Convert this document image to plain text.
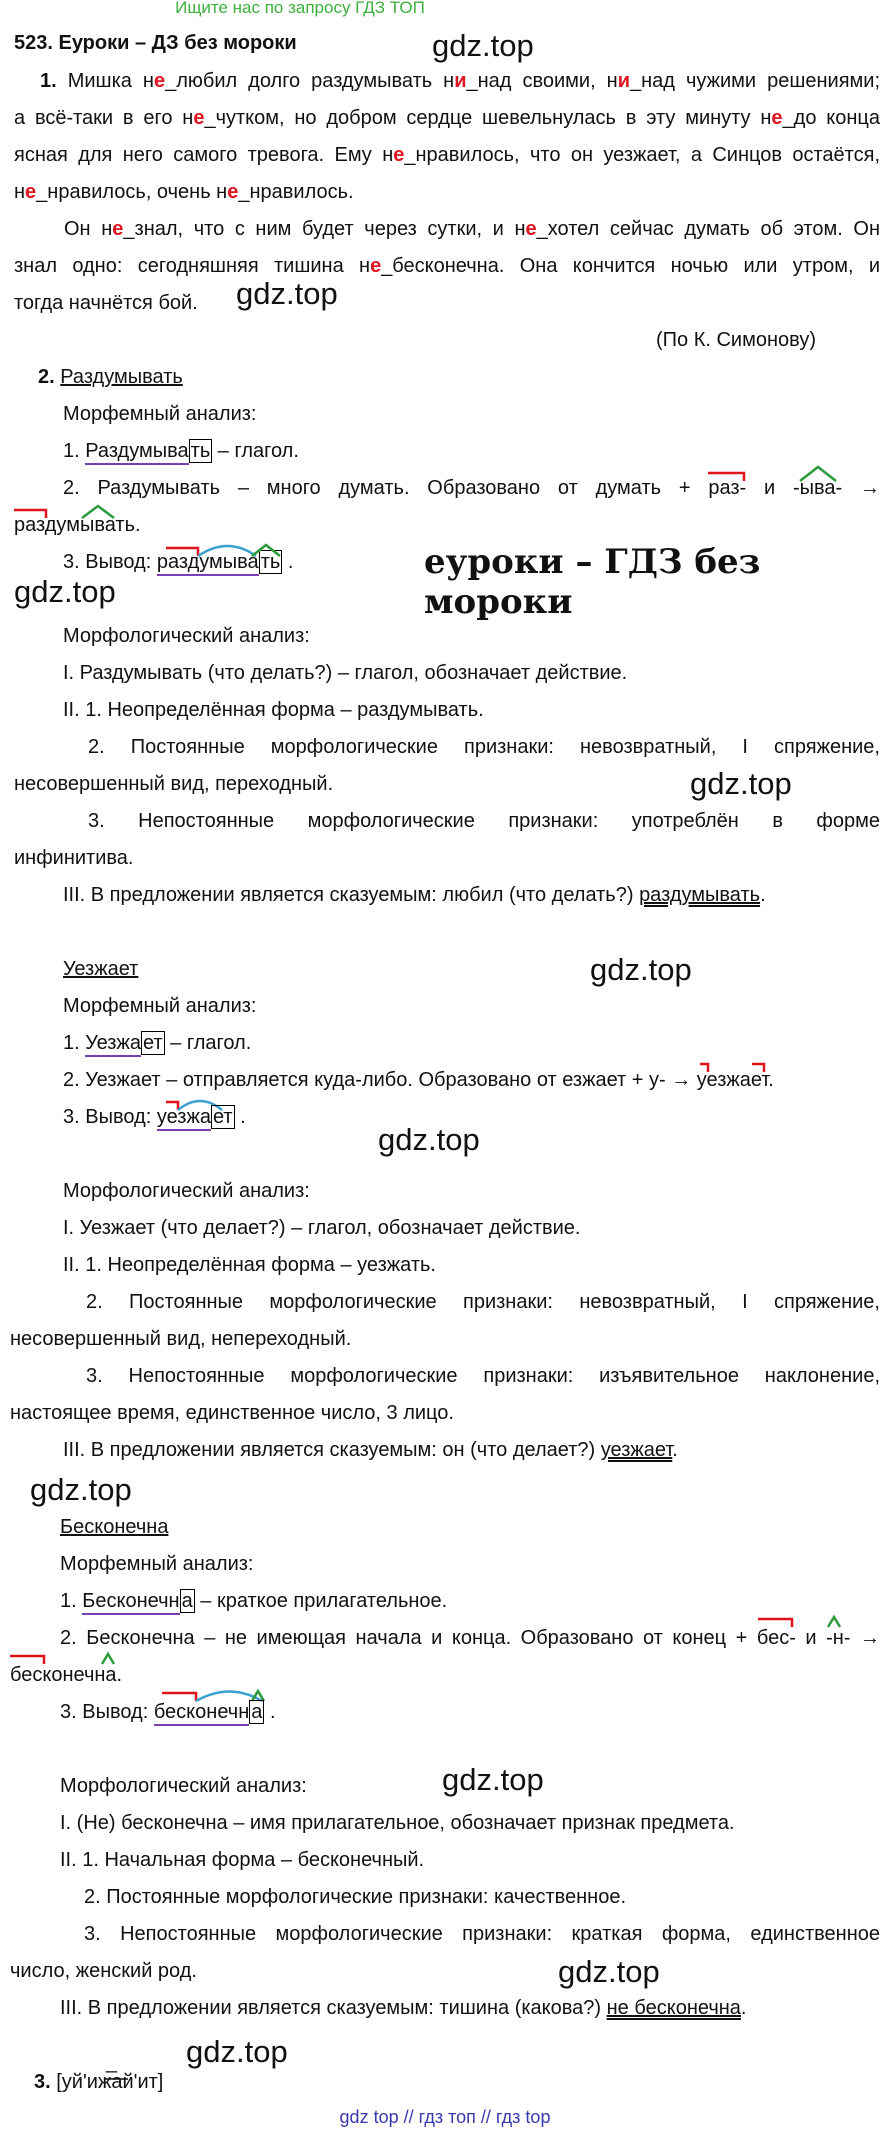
Ищите нас по запросу ГДЗ ТОП
523. Еуроки – ДЗ без мороки	gdz.top
gdz.top
еуроки – ГДЗ без мороки
gdz.top
gdz.top
gdz.top
gdz.top
gdz.top
gdz.top
gdz.top
gdz.top
1. Мишка не_любил долго раздумывать ни_над своими, ни_над чужими решениями;
а всё-таки в его не_чутком, но добром сердце шевельнулась в эту минуту не_до конца
ясная для него самого тревога. Ему не_нравилось, что он уезжает, а Синцов остаётся,
не_нравилось, очень не_нравилось.
Он не_знал, что с ним будет через сутки, и не_хотел сейчас думать об этом. Он
знал одно: сегодняшняя тишина не_бесконечна. Она кончится ночью или утром, и
тогда начнётся бой.
(По К. Симонову)
2. Раздумывать
Морфемный анализ:
1. Раздумыва ть – глагол.
2. Раздумывать – много думать. Образовано от думать + раз- и -ыва- →
раздумывать.
3. Вывод: раздумыва ть .
Морфологический анализ:
I. Раздумывать (что делать?) – глагол, обозначает действие.
II. 1. Неопределённая форма – раздумывать.
2. Постоянные морфологические признаки: невозвратный, I спряжение,
несовершенный вид, переходный.
3. Непостоянные морфологические признаки: употреблён в форме
инфинитива.
III. В предложении является сказуемым: любил (что делать?) раздумывать.
Уезжает
Морфемный анализ:
1. Уезжа ет – глагол.
2. Уезжает – отправляется куда-либо. Образовано от езжает + у- → уезжает.
3. Вывод: уезжа ет .
Морфологический анализ:
I. Уезжает (что делает?) – глагол, обозначает действие.
II. 1. Неопределённая форма – уезжать.
2. Постоянные морфологические признаки: невозвратный, I спряжение,
несовершенный вид, непереходный.
3. Непостоянные морфологические признаки: изъявительное наклонение,
настоящее время, единственное число, 3 лицо.
III. В предложении является сказуемым: он (что делает?) уезжает.
Бесконечна
Морфемный анализ:
1. Бесконечн а – краткое прилагательное.
2. Бесконечна – не имеющая начала и конца. Образовано от конец + бес- и -н- →
бесконечна.
3. Вывод: бесконечн а .
Морфологический анализ:
I. (Не) бесконечна – имя прилагательное, обозначает признак предмета.
II. 1. Начальная форма – бесконечный.
2. Постоянные морфологические признаки: качественное.
3. Непостоянные морфологические признаки: краткая форма, единственное
число, женский род.
III. В предложении является сказуемым: тишина (какова?) не бесконечна.
3. [уй'иж̅ай'ит]
gdz top // гдз топ // гдз top
